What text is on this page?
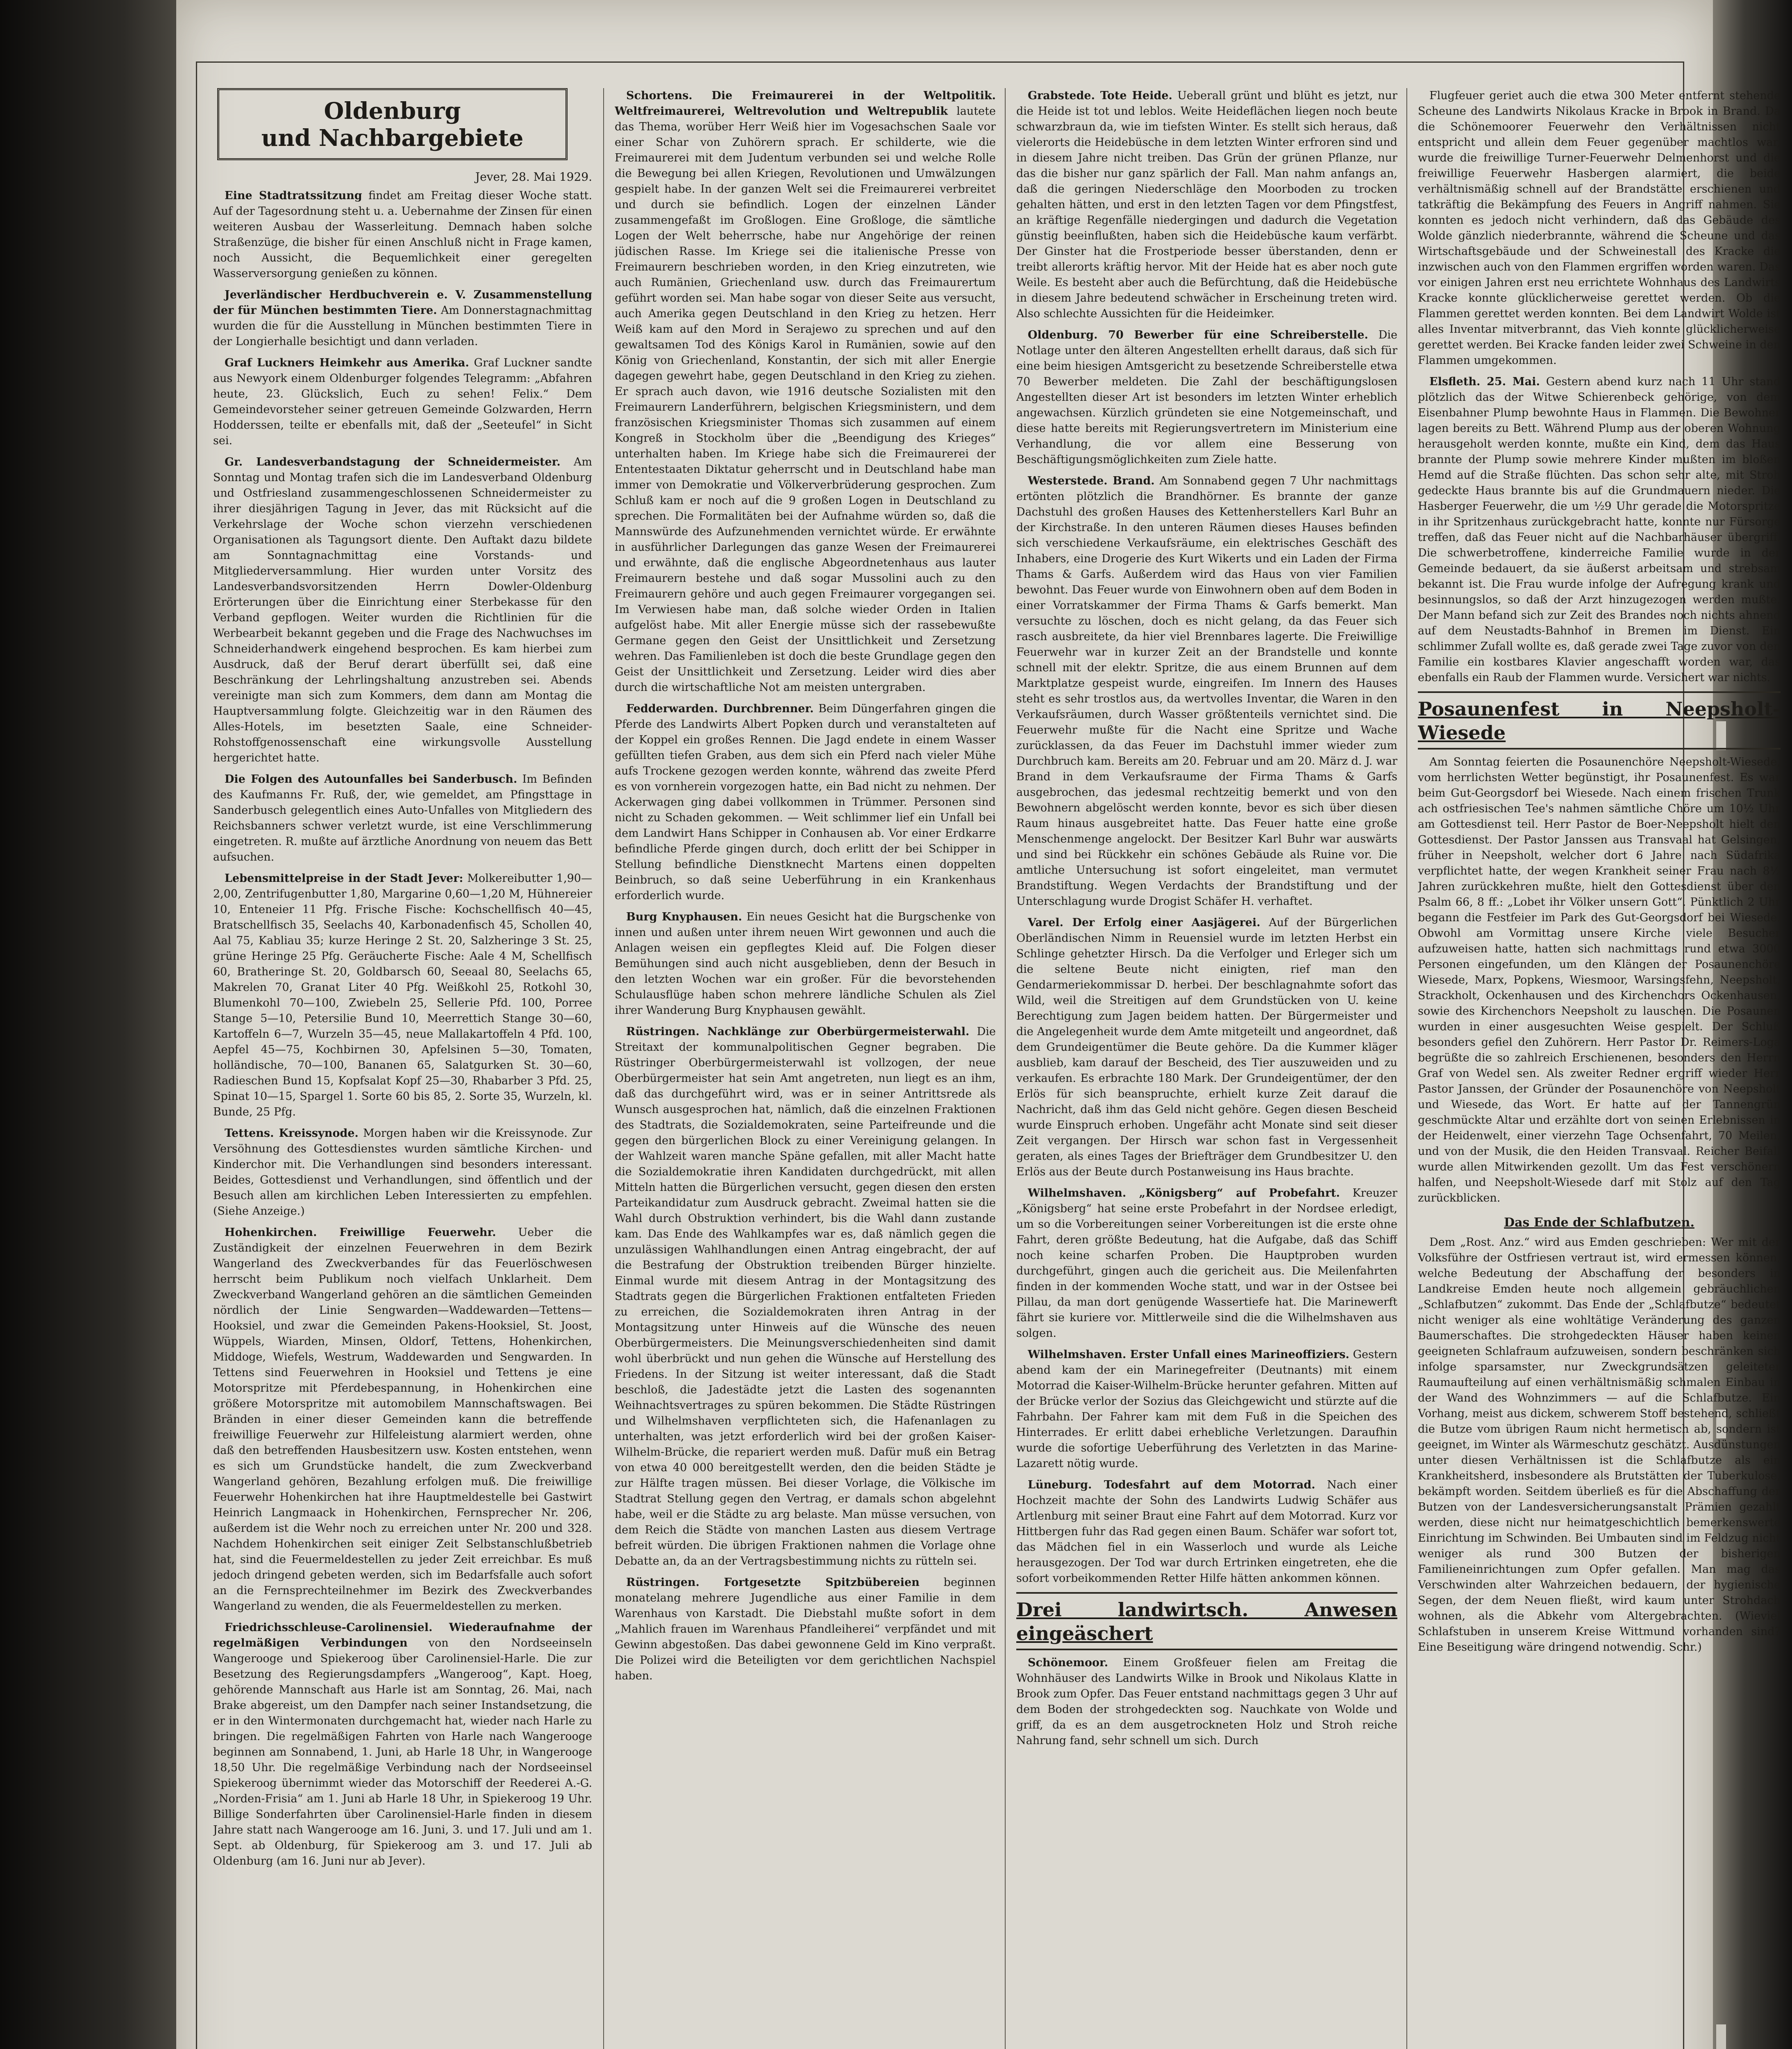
Oldenburg
und Nachbargebiete
Jever, 28. Mai 1929.

Eine Stadtratssitzung findet am Freitag dieser Woche statt. Auf der Tagesordnung steht u. a. Uebernahme der Zinsen für einen weiteren Ausbau der Wasserleitung. Demnach haben solche Straßenzüge, die bisher für einen Anschluß nicht in Frage kamen, noch Aussicht, die Bequemlichkeit einer geregelten Wasserversorgung genießen zu können.

Jeverländischer Herdbuchverein e. V. Zusammenstellung der für München bestimmten Tiere. Am Donnerstagnachmittag wurden die für die Ausstellung in München bestimmten Tiere in der Longierhalle besichtigt und dann verladen.

Graf Luckners Heimkehr aus Amerika. Graf Luckner sandte aus Newyork einem Oldenburger folgendes Telegramm: „Abfahren heute, 23. Glückslich, Euch zu sehen! Felix.“ Dem Gemeindevorsteher seiner getreuen Gemeinde Golzwarden, Herrn Hodderssen, teilte er ebenfalls mit, daß der „Seeteufel“ in Sicht sei.

Gr. Landesverbandstagung der Schneidermeister. Am Sonntag und Montag trafen sich die im Landesverband Oldenburg und Ostfriesland zusammengeschlossenen Schneidermeister zu ihrer diesjährigen Tagung in Jever, das mit Rücksicht auf die Verkehrslage der Woche schon vierzehn verschiedenen Organisationen als Tagungsort diente. Den Auftakt dazu bildete am Sonntagnachmittag eine Vorstands- und Mitgliederversammlung. Hier wurden unter Vorsitz des Landesverbandsvorsitzenden Herrn Dowler-Oldenburg Erörterungen über die Einrichtung einer Sterbekasse für den Verband gepflogen. Weiter wurden die Richtlinien für die Werbearbeit bekannt gegeben und die Frage des Nachwuchses im Schneiderhandwerk eingehend besprochen. Es kam hierbei zum Ausdruck, daß der Beruf derart überfüllt sei, daß eine Beschränkung der Lehrlingshaltung anzustreben sei. Abends vereinigte man sich zum Kommers, dem dann am Montag die Hauptversammlung folgte. Gleichzeitig war in den Räumen des Alles-Hotels, im besetzten Saale, eine Schneider-Rohstoffgenossenschaft eine wirkungsvolle Ausstellung hergerichtet hatte.

Die Folgen des Autounfalles bei Sanderbusch. Im Befinden des Kaufmanns Fr. Ruß, der, wie gemeldet, am Pfingsttage in Sanderbusch gelegentlich eines Auto-Unfalles von Mitgliedern des Reichsbanners schwer verletzt wurde, ist eine Verschlimmerung eingetreten. R. mußte auf ärztliche Anordnung von neuem das Bett aufsuchen.

Lebensmittelpreise in der Stadt Jever: Molkereibutter 1,90—2,00, Zentrifugenbutter 1,80, Margarine 0,60—1,20 M, Hühnereier 10, Enteneier 11 Pfg. Frische Fische: Kochschellfisch 40—45, Bratschellfisch 35, Seelachs 40, Karbonadenfisch 45, Schollen 40, Aal 75, Kabliau 35; kurze Heringe 2 St. 20, Salzheringe 3 St. 25, grüne Heringe 25 Pfg. Geräucherte Fische: Aale 4 M, Schellfisch 60, Bratheringe St. 20, Goldbarsch 60, Seeaal 80, Seelachs 65, Makrelen 70, Granat Liter 40 Pfg. Weißkohl 25, Rotkohl 30, Blumenkohl 70—100, Zwiebeln 25, Sellerie Pfd. 100, Porree Stange 5—10, Petersilie Bund 10, Meerrettich Stange 30—60, Kartoffeln 6—7, Wurzeln 35—45, neue Mallakartoffeln 4 Pfd. 100, Aepfel 45—75, Kochbirnen 30, Apfelsinen 5—30, Tomaten, holländische, 70—100, Bananen 65, Salatgurken St. 30—60, Radieschen Bund 15, Kopfsalat Kopf 25—30, Rhabarber 3 Pfd. 25, Spinat 10—15, Spargel 1. Sorte 60 bis 85, 2. Sorte 35, Wurzeln, kl. Bunde, 25 Pfg.

Tettens. Kreissynode. Morgen haben wir die Kreissynode. Zur Versöhnung des Gottesdienstes wurden sämtliche Kirchen- und Kinderchor mit. Die Verhandlungen sind besonders interessant. Beides, Gottesdienst und Verhandlungen, sind öffentlich und der Besuch allen am kirchlichen Leben Interessierten zu empfehlen. (Siehe Anzeige.)

Hohenkirchen. Freiwillige Feuerwehr. Ueber die Zuständigkeit der einzelnen Feuerwehren in dem Bezirk Wangerland des Zweckverbandes für das Feuerlöschwesen herrscht beim Publikum noch vielfach Unklarheit. Dem Zweckverband Wangerland gehören an die sämtlichen Gemeinden nördlich der Linie Sengwarden—Waddewarden—Tettens—Hooksiel, und zwar die Gemeinden Pakens-Hooksiel, St. Joost, Wüppels, Wiarden, Minsen, Oldorf, Tettens, Hohenkirchen, Middoge, Wiefels, Westrum, Waddewarden und Sengwarden. In Tettens sind Feuerwehren in Hooksiel und Tettens je eine Motorspritze mit Pferdebespannung, in Hohenkirchen eine größere Motorspritze mit automobilem Mannschaftswagen. Bei Bränden in einer dieser Gemeinden kann die betreffende freiwillige Feuerwehr zur Hilfeleistung alarmiert werden, ohne daß den betreffenden Hausbesitzern usw. Kosten entstehen, wenn es sich um Grundstücke handelt, die zum Zweckverband Wangerland gehören, Bezahlung erfolgen muß. Die freiwillige Feuerwehr Hohenkirchen hat ihre Hauptmeldestelle bei Gastwirt Heinrich Langmaack in Hohenkirchen, Fernsprecher Nr. 206, außerdem ist die Wehr noch zu erreichen unter Nr. 200 und 328. Nachdem Hohenkirchen seit einiger Zeit Selbstanschlußbetrieb hat, sind die Feuermeldestellen zu jeder Zeit erreichbar. Es muß jedoch dringend gebeten werden, sich im Bedarfsfalle auch sofort an die Fernsprechteilnehmer im Bezirk des Zweckverbandes Wangerland zu wenden, die als Feuermeldestellen zu merken.

Friedrichsschleuse-Carolinensiel. Wiederaufnahme der regelmäßigen Verbindungen von den Nordseeinseln Wangerooge und Spiekeroog über Carolinensiel-Harle. Die zur Besetzung des Regierungsdampfers „Wangeroog“, Kapt. Hoeg, gehörende Mannschaft aus Harle ist am Sonntag, 26. Mai, nach Brake abgereist, um den Dampfer nach seiner Instandsetzung, die er in den Wintermonaten durchgemacht hat, wieder nach Harle zu bringen. Die regelmäßigen Fahrten von Harle nach Wangerooge beginnen am Sonnabend, 1. Juni, ab Harle 18 Uhr, in Wangerooge 18,50 Uhr. Die regelmäßige Verbindung nach der Nordseeinsel Spiekeroog übernimmt wieder das Motorschiff der Reederei A.-G. „Norden-Frisia“ am 1. Juni ab Harle 18 Uhr, in Spiekeroog 19 Uhr. Billige Sonderfahrten über Carolinensiel-Harle finden in diesem Jahre statt nach Wangerooge am 16. Juni, 3. und 17. Juli und am 1. Sept. ab Oldenburg, für Spiekeroog am 3. und 17. Juli ab Oldenburg (am 16. Juni nur ab Jever).

Schortens. Die Freimaurerei in der Weltpolitik. Weltfreimaurerei, Weltrevolution und Weltrepublik lautete das Thema, worüber Herr Weiß hier im Vogesachschen Saale vor einer Schar von Zuhörern sprach. Er schilderte, wie die Freimaurerei mit dem Judentum verbunden sei und welche Rolle die Bewegung bei allen Kriegen, Revolutionen und Umwälzungen gespielt habe. In der ganzen Welt sei die Freimaurerei verbreitet und durch sie befindlich. Logen der einzelnen Länder zusammengefaßt im Großlogen. Eine Großloge, die sämtliche Logen der Welt beherrsche, habe nur Angehörige der reinen jüdischen Rasse. Im Kriege sei die italienische Presse von Freimaurern beschrieben worden, in den Krieg einzutreten, wie auch Rumänien, Griechenland usw. durch das Freimaurertum geführt worden sei. Man habe sogar von dieser Seite aus versucht, auch Amerika gegen Deutschland in den Krieg zu hetzen. Herr Weiß kam auf den Mord in Serajewo zu sprechen und auf den gewaltsamen Tod des Königs Karol in Rumänien, sowie auf den König von Griechenland, Konstantin, der sich mit aller Energie dagegen gewehrt habe, gegen Deutschland in den Krieg zu ziehen. Er sprach auch davon, wie 1916 deutsche Sozialisten mit den Freimaurern Landerführern, belgischen Kriegsministern, und dem französischen Kriegsminister Thomas sich zusammen auf einem Kongreß in Stockholm über die „Beendigung des Krieges“ unterhalten haben. Im Kriege habe sich die Freimaurerei der Ententestaaten Diktatur geherrscht und in Deutschland habe man immer von Demokratie und Völkerverbrüderung gesprochen. Zum Schluß kam er noch auf die 9 großen Logen in Deutschland zu sprechen. Die Formalitäten bei der Aufnahme würden so, daß die Mannswürde des Aufzunehmenden vernichtet würde. Er erwähnte in ausführlicher Darlegungen das ganze Wesen der Freimaurerei und erwähnte, daß die englische Abgeordnetenhaus aus lauter Freimaurern bestehe und daß sogar Mussolini auch zu den Freimaurern gehöre und auch gegen Freimaurer vorgegangen sei. Im Verwiesen habe man, daß solche wieder Orden in Italien aufgelöst habe. Mit aller Energie müsse sich der rassebewußte Germane gegen den Geist der Unsittlichkeit und Zersetzung wehren. Das Familienleben ist doch die beste Grundlage gegen den Geist der Unsittlichkeit und Zersetzung. Leider wird dies aber durch die wirtschaftliche Not am meisten untergraben.

Fedderwarden. Durchbrenner. Beim Düngerfahren gingen die Pferde des Landwirts Albert Popken durch und veranstalteten auf der Koppel ein großes Rennen. Die Jagd endete in einem Wasser gefüllten tiefen Graben, aus dem sich ein Pferd nach vieler Mühe aufs Trockene gezogen werden konnte, während das zweite Pferd es von vornherein vorgezogen hatte, ein Bad nicht zu nehmen. Der Ackerwagen ging dabei vollkommen in Trümmer. Personen sind nicht zu Schaden gekommen. — Weit schlimmer lief ein Unfall bei dem Landwirt Hans Schipper in Conhausen ab. Vor einer Erdkarre befindliche Pferde gingen durch, doch erlitt der bei Schipper in Stellung befindliche Dienstknecht Martens einen doppelten Beinbruch, so daß seine Ueberführung in ein Krankenhaus erforderlich wurde.

Burg Knyphausen. Ein neues Gesicht hat die Burgschenke von innen und außen unter ihrem neuen Wirt gewonnen und auch die Anlagen weisen ein gepflegtes Kleid auf. Die Folgen dieser Bemühungen sind auch nicht ausgeblieben, denn der Besuch in den letzten Wochen war ein großer. Für die bevorstehenden Schulausflüge haben schon mehrere ländliche Schulen als Ziel ihrer Wanderung Burg Knyphausen gewählt.

Rüstringen. Nachklänge zur Oberbürgermeisterwahl. Die Streitaxt der kommunalpolitischen Gegner begraben. Die Rüstringer Oberbürgermeisterwahl ist vollzogen, der neue Oberbürgermeister hat sein Amt angetreten, nun liegt es an ihm, daß das durchgeführt wird, was er in seiner Antrittsrede als Wunsch ausgesprochen hat, nämlich, daß die einzelnen Fraktionen des Stadtrats, die Sozialdemokraten, seine Parteifreunde und die gegen den bürgerlichen Block zu einer Vereinigung gelangen. In der Wahlzeit waren manche Späne gefallen, mit aller Macht hatte die Sozialdemokratie ihren Kandidaten durchgedrückt, mit allen Mitteln hatten die Bürgerlichen versucht, gegen diesen den ersten Parteikandidatur zum Ausdruck gebracht. Zweimal hatten sie die Wahl durch Obstruktion verhindert, bis die Wahl dann zustande kam. Das Ende des Wahlkampfes war es, daß nämlich gegen die unzulässigen Wahlhandlungen einen Antrag eingebracht, der auf die Bestrafung der Obstruktion treibenden Bürger hinzielte. Einmal wurde mit diesem Antrag in der Montagsitzung des Stadtrats gegen die Bürgerlichen Fraktionen entfalteten Frieden zu erreichen, die Sozialdemokraten ihren Antrag in der Montagsitzung unter Hinweis auf die Wünsche des neuen Oberbürgermeisters. Die Meinungsverschiedenheiten sind damit wohl überbrückt und nun gehen die Wünsche auf Herstellung des Friedens. In der Sitzung ist weiter interessant, daß die Stadt beschloß, die Jadestädte jetzt die Lasten des sogenannten Weihnachtsvertrages zu spüren bekommen. Die Städte Rüstringen und Wilhelmshaven verpflichteten sich, die Hafenanlagen zu unterhalten, was jetzt erforderlich wird bei der großen Kaiser-Wilhelm-Brücke, die repariert werden muß. Dafür muß ein Betrag von etwa 40 000 bereitgestellt werden, den die beiden Städte je zur Hälfte tragen müssen. Bei dieser Vorlage, die Völkische im Stadtrat Stellung gegen den Vertrag, er damals schon abgelehnt habe, weil er die Städte zu arg belaste. Man müsse versuchen, von dem Reich die Städte von manchen Lasten aus diesem Vertrage befreit würden. Die übrigen Fraktionen nahmen die Vorlage ohne Debatte an, da an der Vertragsbestimmung nichts zu rütteln sei.

Rüstringen. Fortgesetzte Spitzbübereien beginnen monatelang mehrere Jugendliche aus einer Familie in dem Warenhaus von Karstadt. Die Diebstahl mußte sofort in dem „Mahlich frauen im Warenhaus Pfandleiherei“ verpfändet und mit Gewinn abgestoßen. Das dabei gewonnene Geld im Kino verpraßt. Die Polizei wird die Beteiligten vor dem gerichtlichen Nachspiel haben.

Grabstede. Tote Heide. Ueberall grünt und blüht es jetzt, nur die Heide ist tot und leblos. Weite Heideflächen liegen noch beute schwarzbraun da, wie im tiefsten Winter. Es stellt sich heraus, daß vielerorts die Heidebüsche in dem letzten Winter erfroren sind und in diesem Jahre nicht treiben. Das Grün der grünen Pflanze, nur das die bisher nur ganz spärlich der Fall. Man nahm anfangs an, daß die geringen Niederschläge den Moorboden zu trocken gehalten hätten, und erst in den letzten Tagen vor dem Pfingstfest, an kräftige Regenfälle niedergingen und dadurch die Vegetation günstig beeinflußten, haben sich die Heidebüsche kaum verfärbt. Der Ginster hat die Frostperiode besser überstanden, denn er treibt allerorts kräftig hervor. Mit der Heide hat es aber noch gute Weile. Es besteht aber auch die Befürchtung, daß die Heidebüsche in diesem Jahre bedeutend schwächer in Erscheinung treten wird. Also schlechte Aussichten für die Heideimker.

Oldenburg. 70 Bewerber für eine Schreiberstelle. Die Notlage unter den älteren Angestellten erhellt daraus, daß sich für eine beim hiesigen Amtsgericht zu besetzende Schreiberstelle etwa 70 Bewerber meldeten. Die Zahl der beschäftigungslosen Angestellten dieser Art ist besonders im letzten Winter erheblich angewachsen. Kürzlich gründeten sie eine Notgemeinschaft, und diese hatte bereits mit Regierungsvertretern im Ministerium eine Verhandlung, die vor allem eine Besserung von Beschäftigungsmöglichkeiten zum Ziele hatte.

Westerstede. Brand. Am Sonnabend gegen 7 Uhr nachmittags ertönten plötzlich die Brandhörner. Es brannte der ganze Dachstuhl des großen Hauses des Kettenherstellers Karl Buhr an der Kirchstraße. In den unteren Räumen dieses Hauses befinden sich verschiedene Verkaufsräume, ein elektrisches Geschäft des Inhabers, eine Drogerie des Kurt Wikerts und ein Laden der Firma Thams & Garfs. Außerdem wird das Haus von vier Familien bewohnt. Das Feuer wurde von Einwohnern oben auf dem Boden in einer Vorratskammer der Firma Thams & Garfs bemerkt. Man versuchte zu löschen, doch es nicht gelang, da das Feuer sich rasch ausbreitete, da hier viel Brennbares lagerte. Die Freiwillige Feuerwehr war in kurzer Zeit an der Brandstelle und konnte schnell mit der elektr. Spritze, die aus einem Brunnen auf dem Marktplatze gespeist wurde, eingreifen. Im Innern des Hauses steht es sehr trostlos aus, da wertvolles Inventar, die Waren in den Verkaufsräumen, durch Wasser größtenteils vernichtet sind. Die Feuerwehr mußte für die Nacht eine Spritze und Wache zurücklassen, da das Feuer im Dachstuhl immer wieder zum Durchbruch kam. Bereits am 20. Februar und am 20. März d. J. war Brand in dem Verkaufsraume der Firma Thams & Garfs ausgebrochen, das jedesmal rechtzeitig bemerkt und von den Bewohnern abgelöscht werden konnte, bevor es sich über diesen Raum hinaus ausgebreitet hatte. Das Feuer hatte eine große Menschenmenge angelockt. Der Besitzer Karl Buhr war auswärts und sind bei Rückkehr ein schönes Gebäude als Ruine vor. Die amtliche Untersuchung ist sofort eingeleitet, man vermutet Brandstiftung. Wegen Verdachts der Brandstiftung und der Unterschlagung wurde Drogist Schäfer H. verhaftet.

Varel. Der Erfolg einer Aasjägerei. Auf der Bürgerlichen Oberländischen Nimm in Reuensiel wurde im letzten Herbst ein Schlinge gehetzter Hirsch. Da die Verfolger und Erleger sich um die seltene Beute nicht einigten, rief man den Gendarmeriekommissar D. herbei. Der beschlagnahmte sofort das Wild, weil die Streitigen auf dem Grundstücken von U. keine Berechtigung zum Jagen beidem hatten. Der Bürgermeister und die Angelegenheit wurde dem Amte mitgeteilt und angeordnet, daß dem Grundeigentümer die Beute gehöre. Da die Kummer kläger ausblieb, kam darauf der Bescheid, des Tier auszuweiden und zu verkaufen. Es erbrachte 180 Mark. Der Grundeigentümer, der den Erlös für sich beanspruchte, erhielt kurze Zeit darauf die Nachricht, daß ihm das Geld nicht gehöre. Gegen diesen Bescheid wurde Einspruch erhoben. Ungefähr acht Monate sind seit dieser Zeit vergangen. Der Hirsch war schon fast in Vergessenheit geraten, als eines Tages der Briefträger dem Grundbesitzer U. den Erlös aus der Beute durch Postanweisung ins Haus brachte.

Wilhelmshaven. „Königsberg“ auf Probefahrt. Kreuzer „Königsberg“ hat seine erste Probefahrt in der Nordsee erledigt, um so die Vorbereitungen seiner Vorbereitungen ist die erste ohne Fahrt, deren größte Bedeutung, hat die Aufgabe, daß das Schiff noch keine scharfen Proben. Die Hauptproben wurden durchgeführt, gingen auch die gericheit aus. Die Meilenfahrten finden in der kommenden Woche statt, und war in der Ostsee bei Pillau, da man dort genügende Wassertiefe hat. Die Marinewerft fährt sie kuriere vor. Mittlerweile sind die die Wilhelmshaven aus solgen.

Wilhelmshaven. Erster Unfall eines Marineoffiziers. Gestern abend kam der ein Marinegefreiter (Deutnants) mit einem Motorrad die Kaiser-Wilhelm-Brücke herunter gefahren. Mitten auf der Brücke verlor der Sozius das Gleichgewicht und stürzte auf die Fahrbahn. Der Fahrer kam mit dem Fuß in die Speichen des Hinterrades. Er erlitt dabei erhebliche Verletzungen. Daraufhin wurde die sofortige Ueberführung des Verletzten in das Marine-Lazarett nötig wurde.

Lüneburg. Todesfahrt auf dem Motorrad. Nach einer Hochzeit machte der Sohn des Landwirts Ludwig Schäfer aus Artlenburg mit seiner Braut eine Fahrt auf dem Motorrad. Kurz vor Hittbergen fuhr das Rad gegen einen Baum. Schäfer war sofort tot, das Mädchen fiel in ein Wasserloch und wurde als Leiche herausgezogen. Der Tod war durch Ertrinken eingetreten, ehe die sofort vorbeikommenden Retter Hilfe hätten ankommen können.

Drei landwirtsch. Anwesen eingeäschert

Schönemoor. Einem Großfeuer fielen am Freitag die Wohnhäuser des Landwirts Wilke in Brook und Nikolaus Klatte in Brook zum Opfer. Das Feuer entstand nachmittags gegen 3 Uhr auf dem Boden der strohgedeckten sog. Nauchkate von Wolde und griff, da es an dem ausgetrockneten Holz und Stroh reiche Nahrung fand, sehr schnell um sich. Durch

Flugfeuer geriet auch die etwa 300 Meter entfernt stehende Scheune des Landwirts Nikolaus Kracke in Brook in Brand. Da die Schönemoorer Feuerwehr den Verhältnissen nicht entspricht und allein dem Feuer gegenüber machtlos war, wurde die freiwillige Turner-Feuerwehr Delmenhorst und die freiwillige Feuerwehr Hasbergen alarmiert, die beide verhältnismäßig schnell auf der Brandstätte erschienen und tatkräftig die Bekämpfung des Feuers in Angriff nahmen. Sie konnten es jedoch nicht verhindern, daß das Gebäude des Wolde gänzlich niederbrannte, während die Scheune und das Wirtschaftsgebäude und der Schweinestall des Kracke die inzwischen auch von den Flammen ergriffen worden waren. Das vor einigen Jahren erst neu errichtete Wohnhaus des Landwirts Kracke konnte glücklicherweise gerettet werden. Ob die Flammen gerettet werden konnten. Bei dem Landwirt Wolde ist alles Inventar mitverbrannt, das Vieh konnte glücklicherweise gerettet werden. Bei Kracke fanden leider zwei Schweine in den Flammen umgekommen.

Elsfleth. 25. Mai. Gestern abend kurz nach 11 Uhr stand plötzlich das der Witwe Schierenbeck gehörige, von dem Eisenbahner Plump bewohnte Haus in Flammen. Die Bewohner lagen bereits zu Bett. Während Plump aus der oberen Wohnung herausgeholt werden konnte, mußte ein Kind, dem das Haus brannte der Plump sowie mehrere Kinder mußten im bloßen Hemd auf die Straße flüchten. Das schon sehr alte, mit Stroh gedeckte Haus brannte bis auf die Grundmauern nieder. Die Hasberger Feuerwehr, die um ½9 Uhr gerade die Motorspritze in ihr Spritzenhaus zurückgebracht hatte, konnte nur Fürsorge treffen, daß das Feuer nicht auf die Nachbarhäuser übergriff. Die schwerbetroffene, kinderreiche Familie wurde in der Gemeinde bedauert, da sie äußerst arbeitsam und strebsam bekannt ist. Die Frau wurde infolge der Aufregung krank und besinnungslos, so daß der Arzt hinzugezogen werden mußte. Der Mann befand sich zur Zeit des Brandes noch nichts ahnend auf dem Neustadts-Bahnhof in Bremen im Dienst. Ein schlimmer Zufall wollte es, daß gerade zwei Tage zuvor von den Familie ein kostbares Klavier angeschafft worden war, das ebenfalls ein Raub der Flammen wurde. Versichert war nichts.

Posaunenfest in Neepsholt-Wiesede

Am Sonntag feierten die Posaunenchöre Neepsholt-Wiesede, vom herrlichsten Wetter begünstigt, ihr Posaunenfest. Es war beim Gut-Georgsdorf bei Wiesede. Nach einem frischen Trunk ach ostfriesischen Tee's nahmen sämtliche Chöre um 10½ Uhr am Gottesdienst teil. Herr Pastor de Boer-Neepsholt hielt den Gottesdienst. Der Pastor Janssen aus Transvaal hat Gelsingen, früher in Neepsholt, welcher dort 6 Jahre nach Südafrika verpflichtet hatte, der wegen Krankheit seiner Frau nach 8½ Jahren zurückkehren mußte, hielt den Gottesdienst über den Psalm 66, 8 ff.: „Lobet ihr Völker unsern Gott“. Pünktlich 2 Uhr begann die Festfeier im Park des Gut-Georgsdorf bei Wiesede. Obwohl am Vormittag unsere Kirche viele Besucher aufzuweisen hatte, hatten sich nachmittags rund etwa 3000 Personen eingefunden, um den Klängen der Posaunenchöre Wiesede, Marx, Popkens, Wiesmoor, Warsingsfehn, Neepsholt, Strackholt, Ockenhausen und des Kirchenchors Ockenhausen, sowie des Kirchenchors Neepsholt zu lauschen. Die Posaunen wurden in einer ausgesuchten Weise gespielt. Der Schluß besonders gefiel den Zuhörern. Herr Pastor Dr. Reimers-Loga begrüßte die so zahlreich Erschienenen, besonders den Herrn Graf von Wedel sen. Als zweiter Redner ergriff wieder Herr Pastor Janssen, der Gründer der Posaunenchöre von Neepsholt und Wiesede, das Wort. Er hatte auf der Tannengrün geschmückte Altar und erzählte dort von seinen Erlebnissen in der Heidenwelt, einer vierzehn Tage Ochsenfahrt, 70 Meilen, und von der Musik, die den Heiden Transvaal. Reicher Beifall wurde allen Mitwirkenden gezollt. Um das Fest verschönern halfen, und Neepsholt-Wiesede darf mit Stolz auf den Tag zurückblicken.

Das Ende der Schlafbutzen.

Dem „Rost. Anz.“ wird aus Emden geschrieben: Wer mit der Volksführe der Ostfriesen vertraut ist, wird ermessen können, welche Bedeutung der Abschaffung der besonders in Landkreise Emden heute noch allgemein gebräuchlichen „Schlafbutzen“ zukommt. Das Ende der „Schlafbutze“ bedeutet nicht weniger als eine wohltätige Veränderung des ganzen Baumerschaftes. Die strohgedeckten Häuser haben keinen geeigneten Schlafraum aufzuweisen, sondern beschränken sich infolge sparsamster, nur Zweckgrundsätzen geleiteter Raumaufteilung auf einen verhältnismäßig schmalen Einbau in der Wand des Wohnzimmers — auf die Schlafbutze. Ein Vorhang, meist aus dickem, schwerem Stoff bestehend, schließt die Butze vom übrigen Raum nicht hermetisch ab, sondern ist geeignet, im Winter als Wärmeschutz geschätzt. Ausdünstungen unter diesen Verhältnissen ist die Schlafbutze als ein Krankheitsherd, insbesondere als Brutstätten der Tuberkulose, bekämpft worden. Seitdem überließ es für die Abschaffung der Butzen von der Landesversicherungsanstalt Prämien gezahlt werden, diese nicht nur heimatgeschichtlich bemerkenswerte Einrichtung im Schwinden. Bei Umbauten sind im Feldzug nicht weniger als rund 300 Butzen der bisherigen Familieneinrichtungen zum Opfer gefallen. Man mag das Verschwinden alter Wahrzeichen bedauern, der hygienische Segen, der dem Neuen fließt, wird kaum unter Strohdach wohnen, als die Abkehr vom Altergebrachten. (Wieviel Schlafstuben in unserem Kreise Wittmund vorhanden sind? Eine Beseitigung wäre dringend notwendig. Schr.)
